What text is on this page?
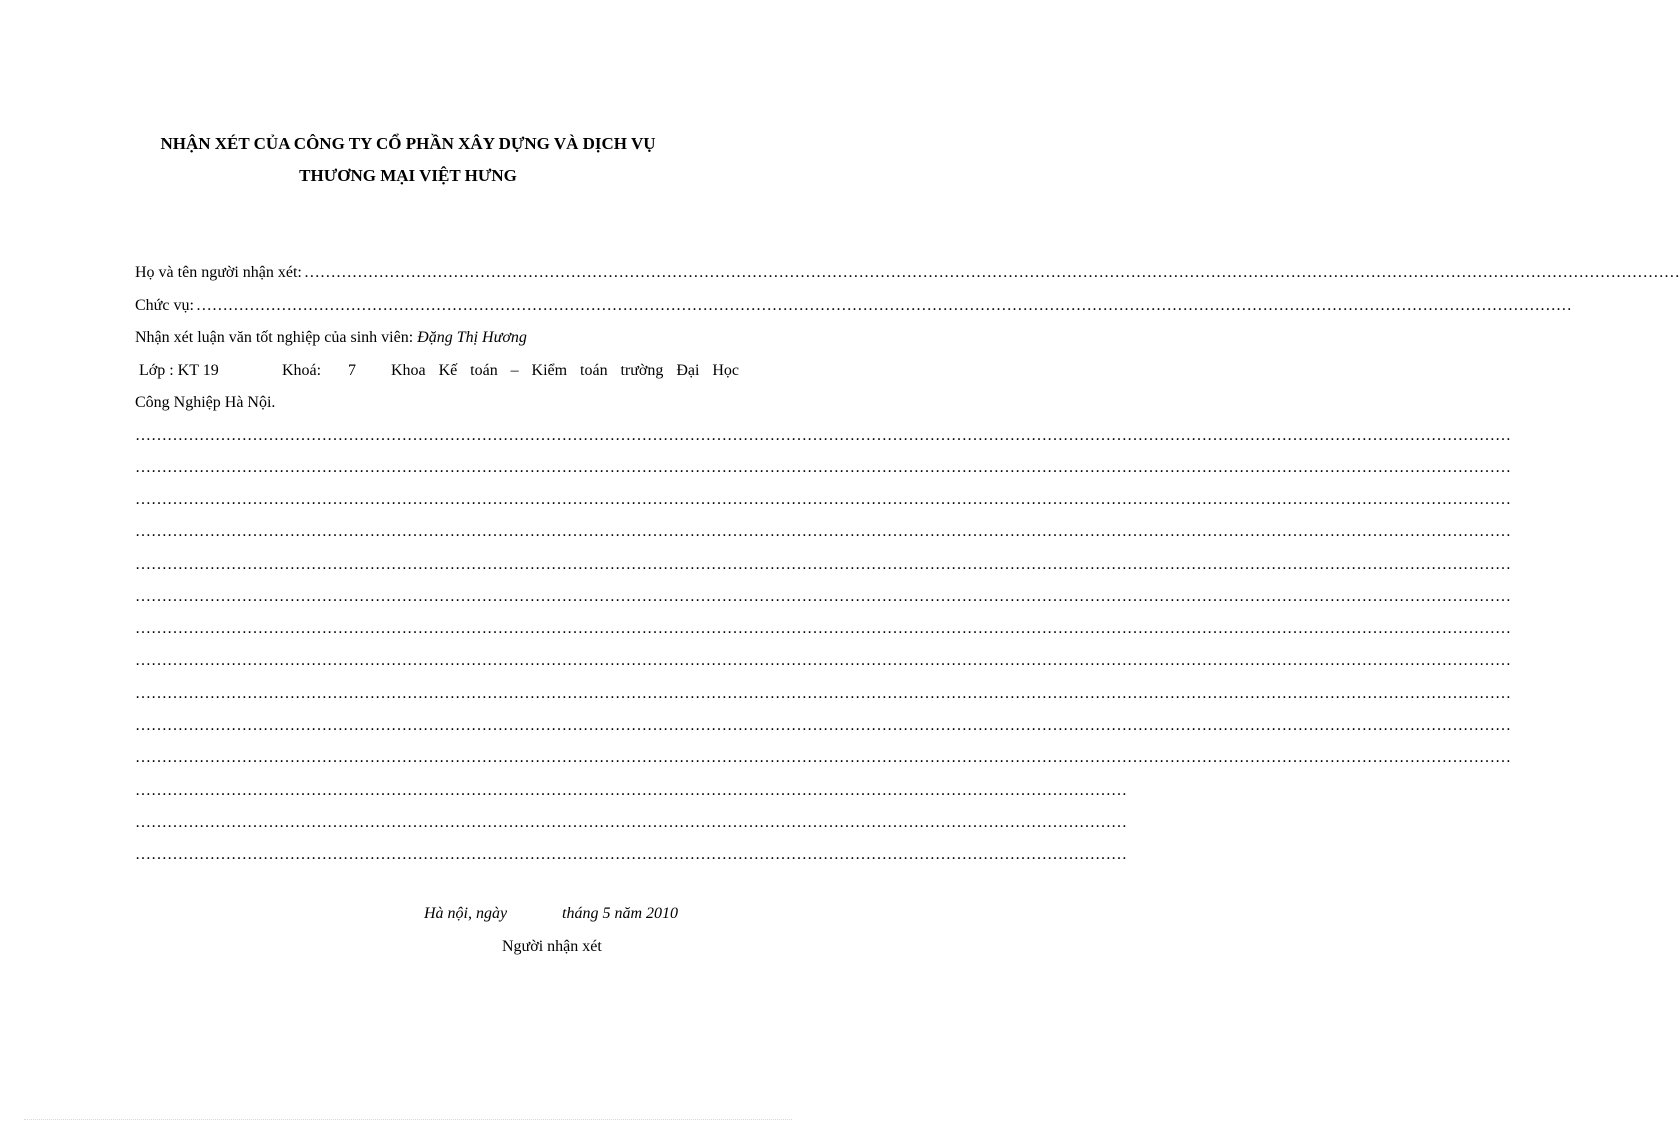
NHẬN XÉT CỦA CÔNG TY CỔ PHẦN XÂY DỰNG VÀ DỊCH VỤ
THƯƠNG MẠI VIỆT HƯNG
Họ và tên người nhận xét: ……………………………………………………………………………………………………………………………………………………………………………………………………………………………………
Chức vụ: ……………………………………………………………………………………………………………………………………………………………………………………………………………………………………
Nhận xét luận văn tốt nghiệp của sinh viên: Đặng Thị Hương
Lớp : KT 19	Khoá: 7 Khoa Kế toán – Kiểm toán trường Đại Học
Công Nghiệp Hà Nội.
……………………………………………………………………………………………………………………………………………………………………………………………………………………………………
……………………………………………………………………………………………………………………………………………………………………………………………………………………………………
……………………………………………………………………………………………………………………………………………………………………………………………………………………………………
……………………………………………………………………………………………………………………………………………………………………………………………………………………………………
……………………………………………………………………………………………………………………………………………………………………………………………………………………………………
……………………………………………………………………………………………………………………………………………………………………………………………………………………………………
……………………………………………………………………………………………………………………………………………………………………………………………………………………………………
……………………………………………………………………………………………………………………………………………………………………………………………………………………………………
……………………………………………………………………………………………………………………………………………………………………………………………………………………………………
……………………………………………………………………………………………………………………………………………………………………………………………………………………………………
……………………………………………………………………………………………………………………………………………………………………………………………………………………………………
……………………………………………………………………………………………………………………………………………………………………
……………………………………………………………………………………………………………………………………………………………………
……………………………………………………………………………………………………………………………………………………………………
Hà nội, ngày	tháng 5 năm 2010
Người nhận xét
